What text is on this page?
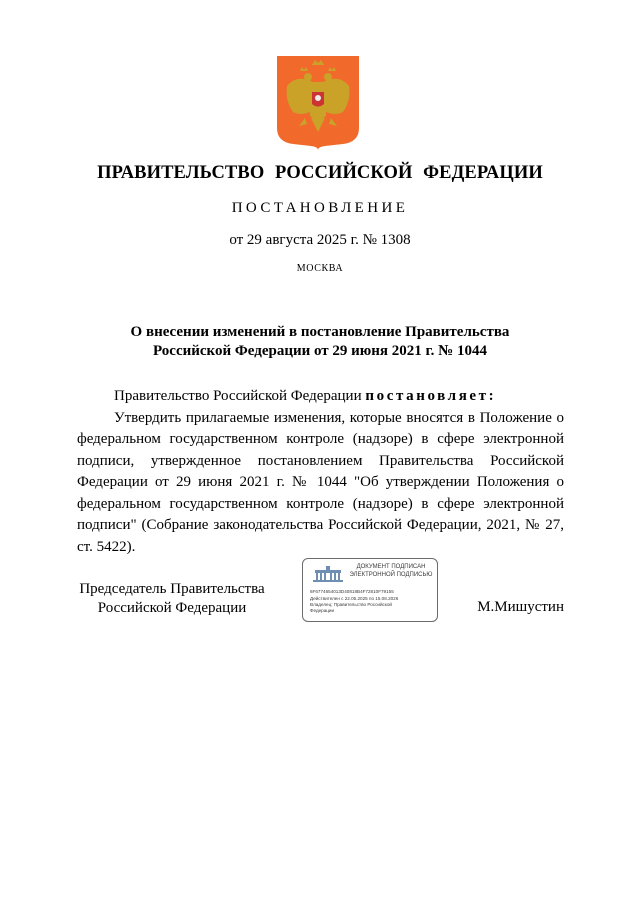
ПРАВИТЕЛЬСТВО РОССИЙСКОЙ ФЕДЕРАЦИИ
ПОСТАНОВЛЕНИЕ
от 29 августа 2025 г. № 1308
МОСКВА
О внесении изменений в постановление Правительства
Российской Федерации от 29 июня 2021 г. № 1044

Правительство Российской Федерации постановляет:

Утвердить прилагаемые изменения, которые вносятся в Положение о федеральном государственном контроле (надзоре) в сфере электронной подписи, утвержденное постановлением Правительства Российской Федерации от 29 июня 2021 г. № 1044 "Об утверждении Положения о федеральном государственном контроле (надзоре) в сфере электронной подписи" (Собрание законодательства Российской Федерации, 2021, № 27, ст. 5422).

Председатель Правительства
Российской Федерации
ДОКУМЕНТ ПОДПИСАН
ЭЛЕКТРОННОЙ ПОДПИСЬЮ
6F6774654013D40818B4F72810F79155
Действителен с 22.05.2025 по 15.08.2026
Владелец: Правительство Российской
Федерации	М.Мишустин
